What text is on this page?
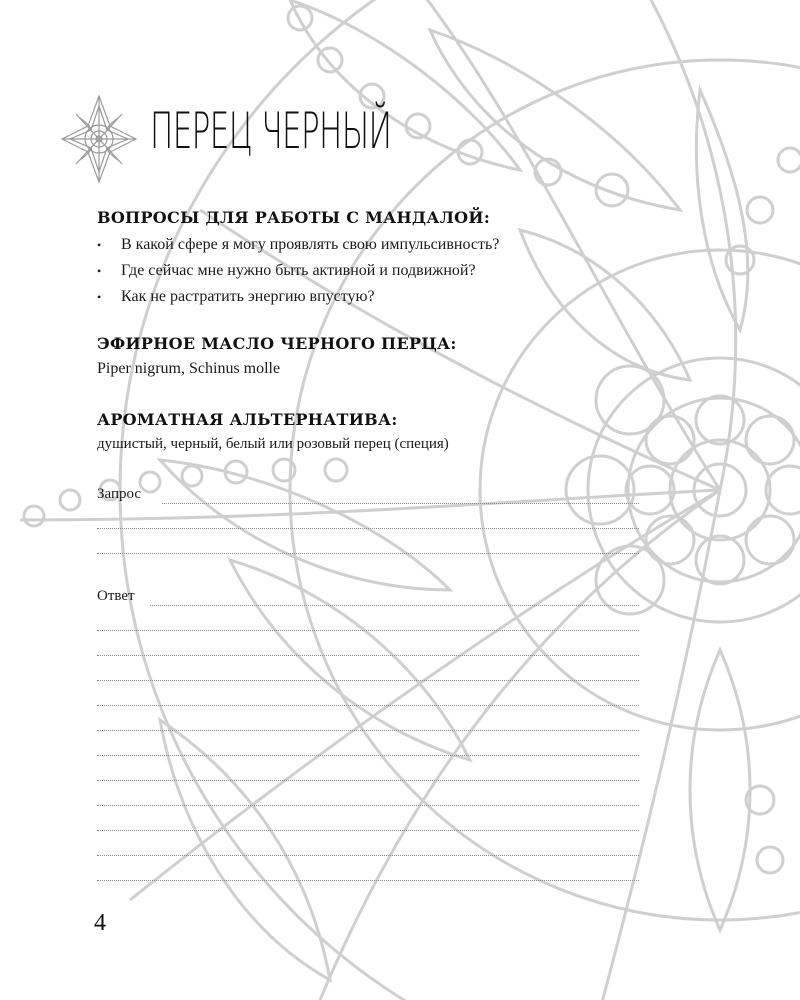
ПЕРЕЦ ЧЕРНЫЙ
ВОПРОСЫ ДЛЯ РАБОТЫ С МАНДАЛОЙ:
• В какой сфере я могу проявлять свою импульсивность?
• Где сейчас мне нужно быть активной и подвижной?
• Как не растратить энергию впустую?
ЭФИРНОЕ МАСЛО ЧЕРНОГО ПЕРЦА:
Piper nigrum, Schinus molle
АРОМАТНАЯ АЛЬТЕРНАТИВА:
душистый, черный, белый или розовый перец (специя)
Запрос
Ответ
4
